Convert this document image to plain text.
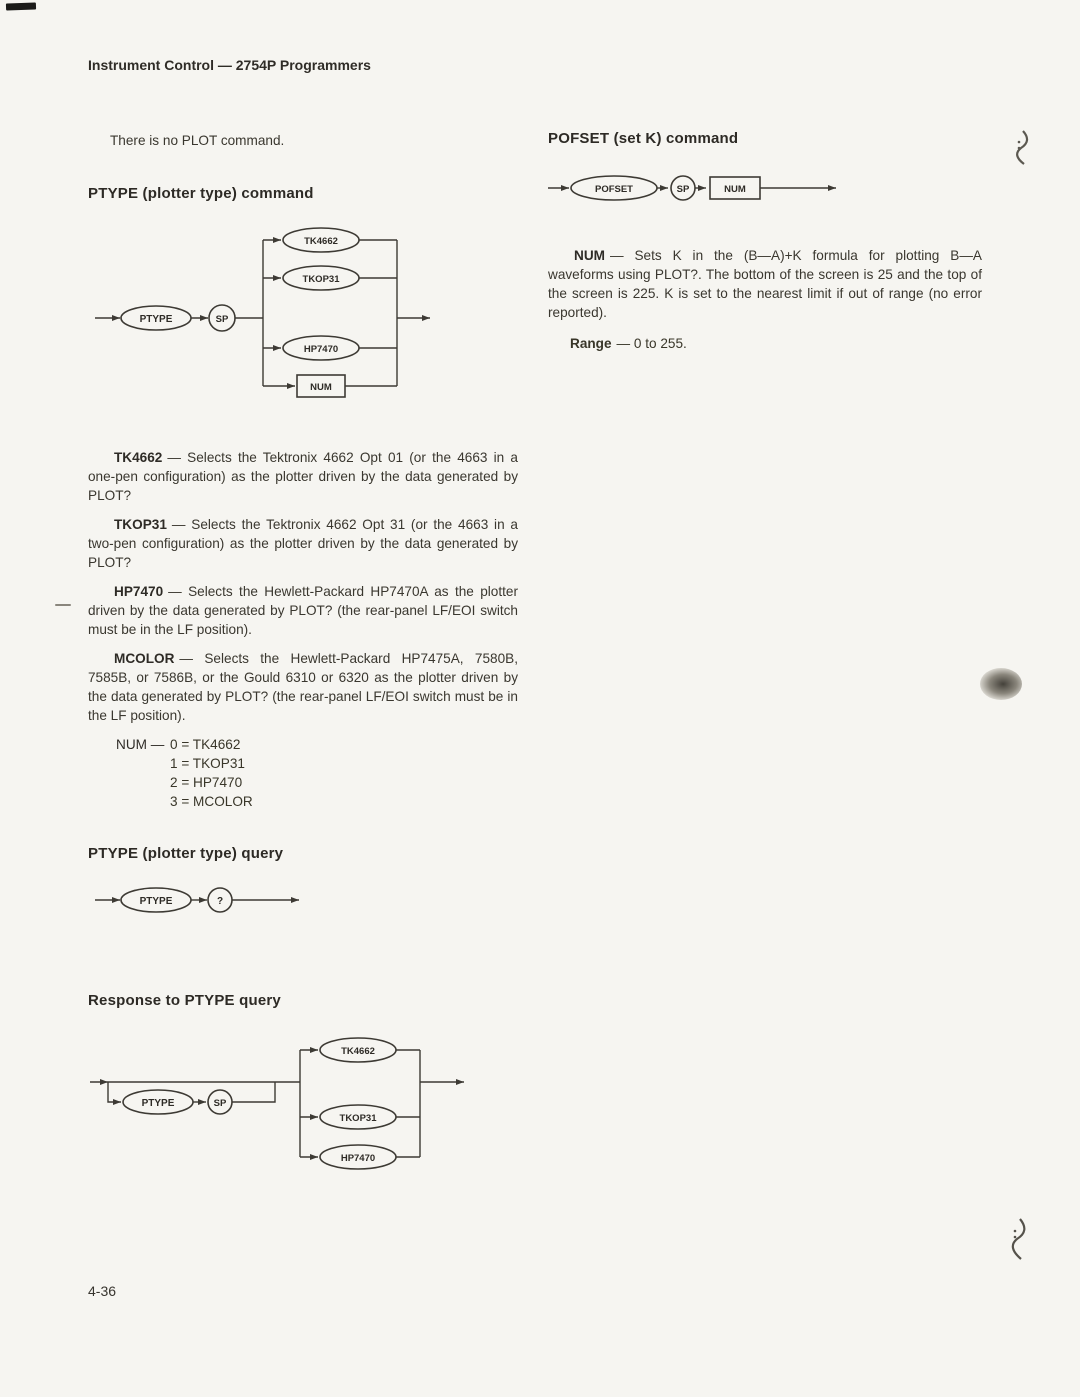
Instrument Control — 2754P Programmers
There is no PLOT command.
PTYPE (plotter type) command
PTYPE	SP
TK4662
TKOP31
HP7470
NUM

TK4662 — Selects the Tektronix 4662 Opt 01 (or the 4663 in a one-pen configuration) as the plotter driven by the data generated by PLOT?

TKOP31 — Selects the Tektronix 4662 Opt 31 (or the 4663 in a two-pen configuration) as the plotter driven by the data generated by PLOT?

HP7470 — Selects the Hewlett-Packard HP7470A as the plotter driven by the data generated by PLOT? (the rear-panel LF/EOI switch must be in the LF position).

MCOLOR — Selects the Hewlett-Packard HP7475A, 7580B, 7585B, or 7586B, or the Gould 6310 or 6320 as the plotter driven by the data generated by PLOT? (the rear-panel LF/EOI switch must be in the LF position).

NUM — 0 = TK4662
1 = TKOP31
2 = HP7470
3 = MCOLOR
PTYPE (plotter type) query
PTYPE	?
Response to PTYPE query
PTYPE	SP
TK4662
TKOP31
HP7470
POFSET (set K) command
POFSET	SP	NUM

NUM — Sets K in the (B—A)+K formula for plotting B—A waveforms using PLOT?. The bottom of the screen is 25 and the top of the screen is 225. K is set to the nearest limit if out of range (no error reported).

Range — 0 to 255.
4-36
